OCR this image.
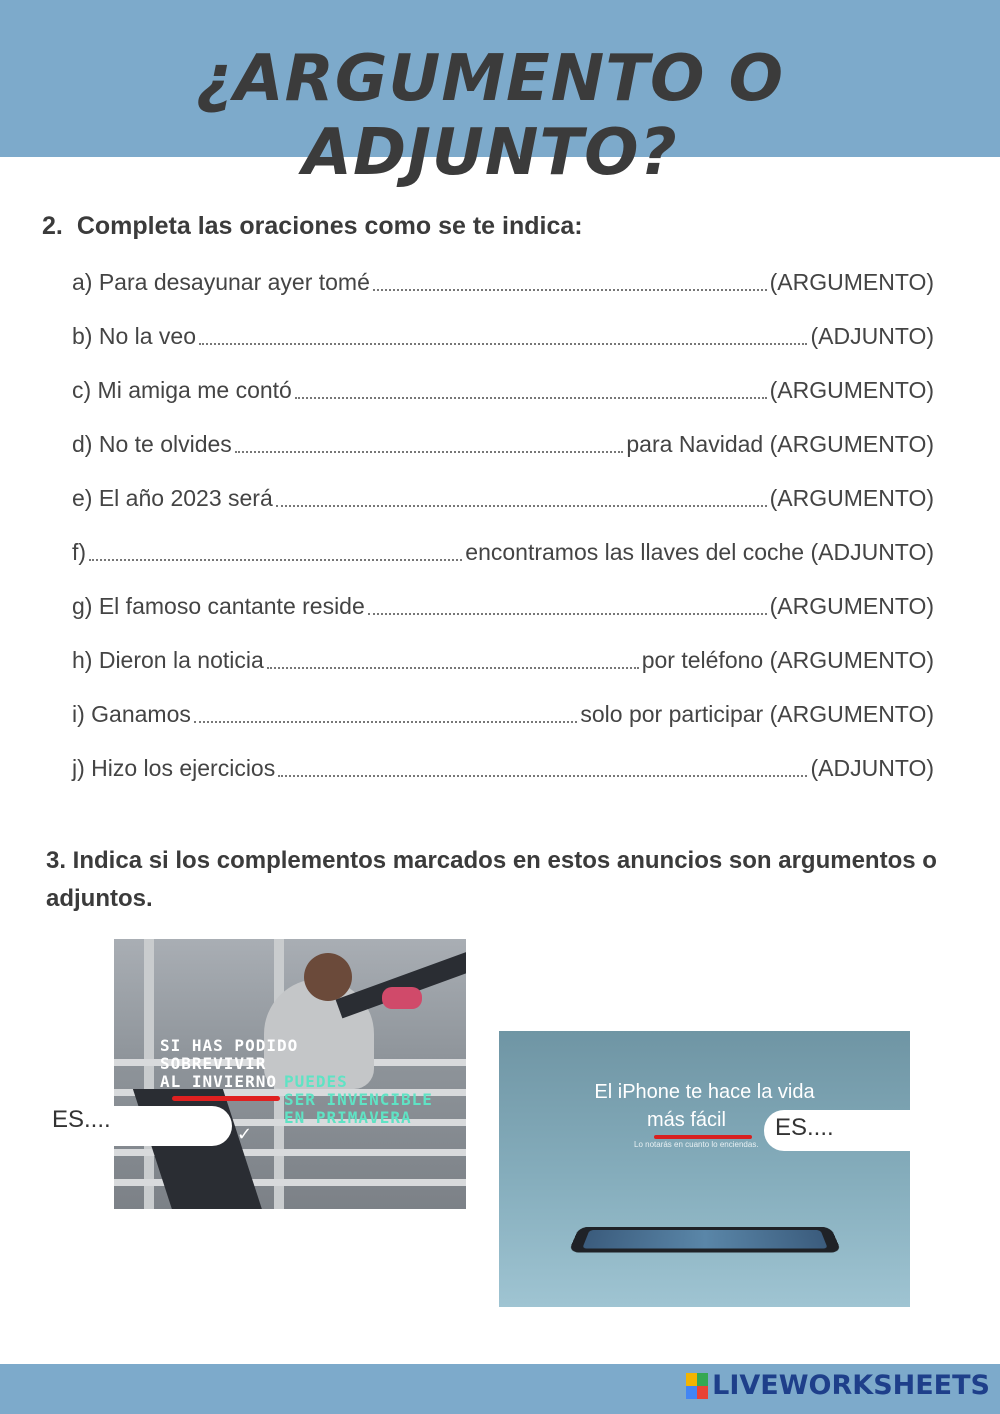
¿ARGUMENTO O ADJUNTO?
2. Completa las oraciones como se te indica:
a) Para desayunar ayer tomé	(ARGUMENTO)
b) No la veo	(ADJUNTO)
c) Mi amiga me contó	(ARGUMENTO)
d) No te olvides	para Navidad (ARGUMENTO)
e) El año 2023 será	(ARGUMENTO)
f)	encontramos las llaves del coche (ADJUNTO)
g) El famoso cantante reside	(ARGUMENTO)
h) Dieron la noticia	por teléfono (ARGUMENTO)
i) Ganamos	solo por participar (ARGUMENTO)
j) Hizo los ejercicios	(ADJUNTO)
3. Indica si los complementos marcados en estos anuncios son argumentos o adjuntos.
SI HAS PODIDO
SOBREVIVIR
AL INVIERNO PUEDES
SER INVENCIBLE
EN PRIMAVERA
✓
ES....
El iPhone te hace la vida
más fácil
Lo notarás en cuanto lo enciendas.
ES....
LIVEWORKSHEETS
